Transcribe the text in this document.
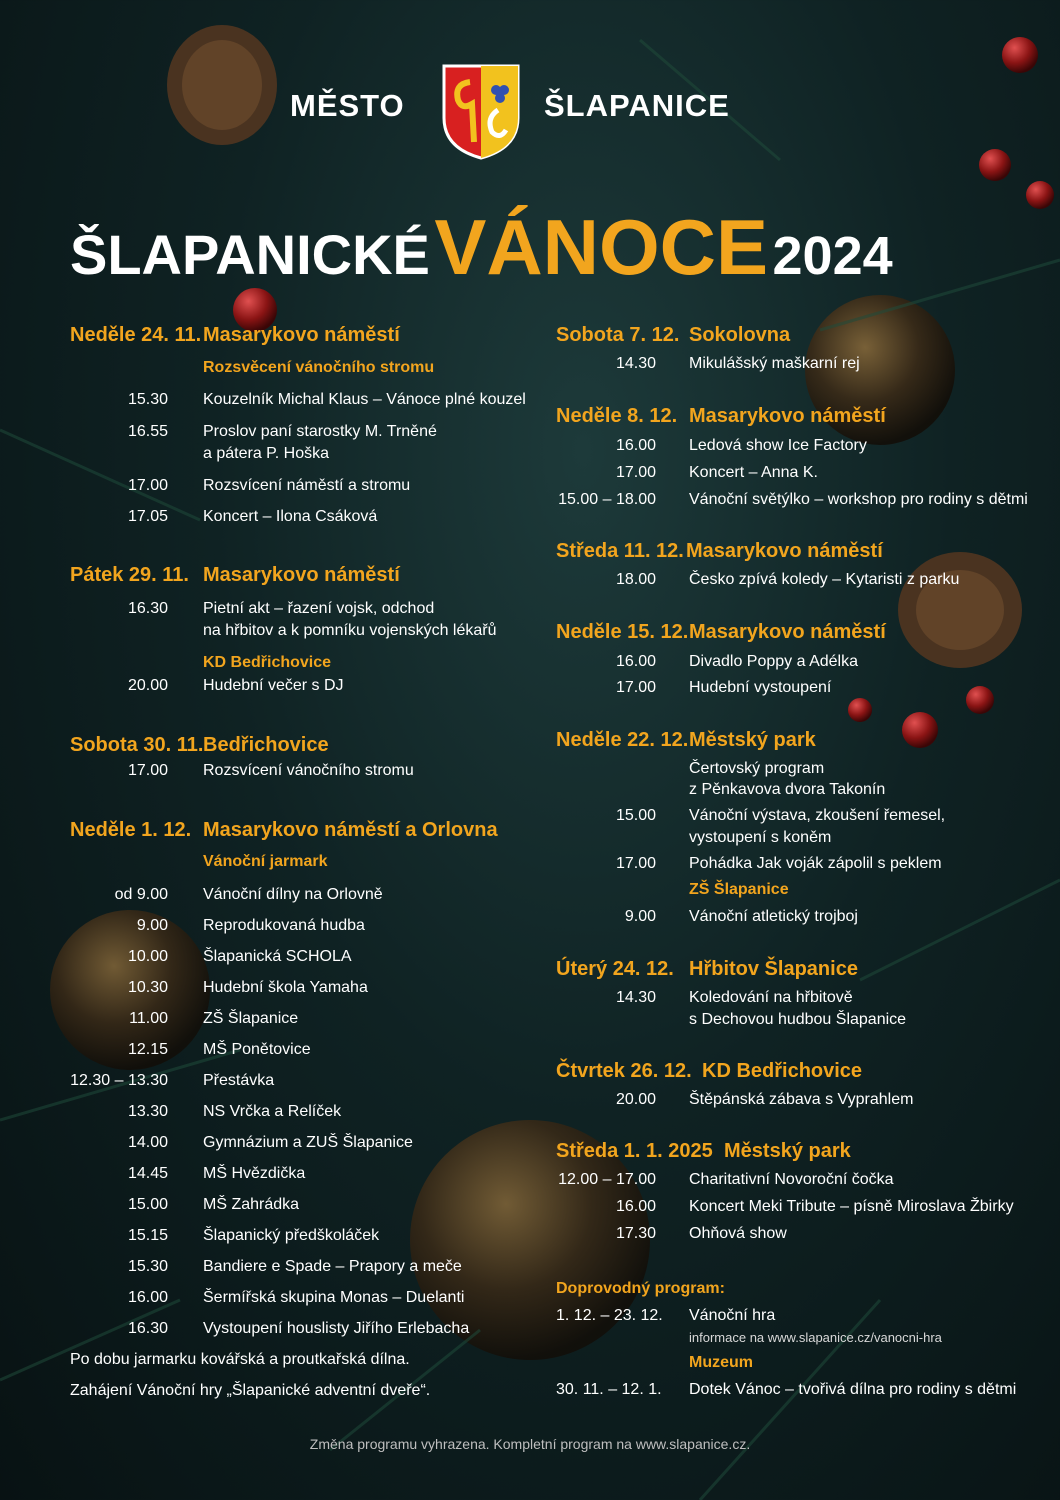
MĚSTO	ŠLAPANICE
ŠLAPANICKÉ VÁNOCE 2024
Neděle 24. 11. Masarykovo náměstí
Rozsvěcení vánočního stromu
15.30 Kouzelník Michal Klaus – Vánoce plné kouzel
16.55 Proslov paní starostky M. Trněné
a pátera P. Hoška
17.00 Rozsvícení náměstí a stromu
17.05 Koncert – Ilona Csáková
Pátek 29. 11. Masarykovo náměstí
16.30 Pietní akt – řazení vojsk, odchod
na hřbitov a k pomníku vojenských lékařů
KD Bedřichovice
20.00 Hudební večer s DJ
Sobota 30. 11. Bedřichovice
17.00 Rozsvícení vánočního stromu
Neděle 1. 12. Masarykovo náměstí a Orlovna
Vánoční jarmark
od 9.00 Vánoční dílny na Orlovně
9.00 Reprodukovaná hudba
10.00 Šlapanická SCHOLA
10.30 Hudební škola Yamaha
11.00 ZŠ Šlapanice
12.15 MŠ Ponětovice
12.30 – 13.30 Přestávka
13.30 NS Vrčka a Relíček
14.00 Gymnázium a ZUŠ Šlapanice
14.45 MŠ Hvězdička
15.00 MŠ Zahrádka
15.15 Šlapanický předškoláček
15.30 Bandiere e Spade – Prapory a meče
16.00 Šermířská skupina Monas – Duelanti
16.30 Vystoupení houslisty Jiřího Erlebacha
Po dobu jarmarku kovářská a proutkařská dílna.
Zahájení Vánoční hry „Šlapanické adventní dveře“.
Sobota 7. 12. Sokolovna
14.30 Mikulášský maškarní rej
Neděle 8. 12. Masarykovo náměstí
16.00 Ledová show Ice Factory
17.00 Koncert – Anna K.
15.00 – 18.00 Vánoční světýlko – workshop pro rodiny s dětmi
Středa 11. 12. Masarykovo náměstí
18.00 Česko zpívá koledy – Kytaristi z parku
Neděle 15. 12. Masarykovo náměstí
16.00 Divadlo Poppy a Adélka
17.00 Hudební vystoupení
Neděle 22. 12. Městský park
Čertovský program
z Pěnkavova dvora Takonín
15.00 Vánoční výstava, zkoušení řemesel,
vystoupení s koněm
17.00 Pohádka Jak voják zápolil s peklem
ZŠ Šlapanice
9.00 Vánoční atletický trojboj
Úterý 24. 12. Hřbitov Šlapanice
14.30 Koledování na hřbitově
s Dechovou hudbou Šlapanice
Čtvrtek 26. 12. KD Bedřichovice
20.00 Štěpánská zábava s Vyprahlem
Středa 1. 1. 2025 Městský park
12.00 – 17.00 Charitativní Novoroční čočka
16.00 Koncert Meki Tribute – písně Miroslava Žbirky
17.30 Ohňová show
Doprovodný program:
1. 12. – 23. 12. Vánoční hra
informace na www.slapanice.cz/vanocni-hra
Muzeum
30. 11. – 12. 1. Dotek Vánoc – tvořivá dílna pro rodiny s dětmi
Změna programu vyhrazena. Kompletní program na www.slapanice.cz.
